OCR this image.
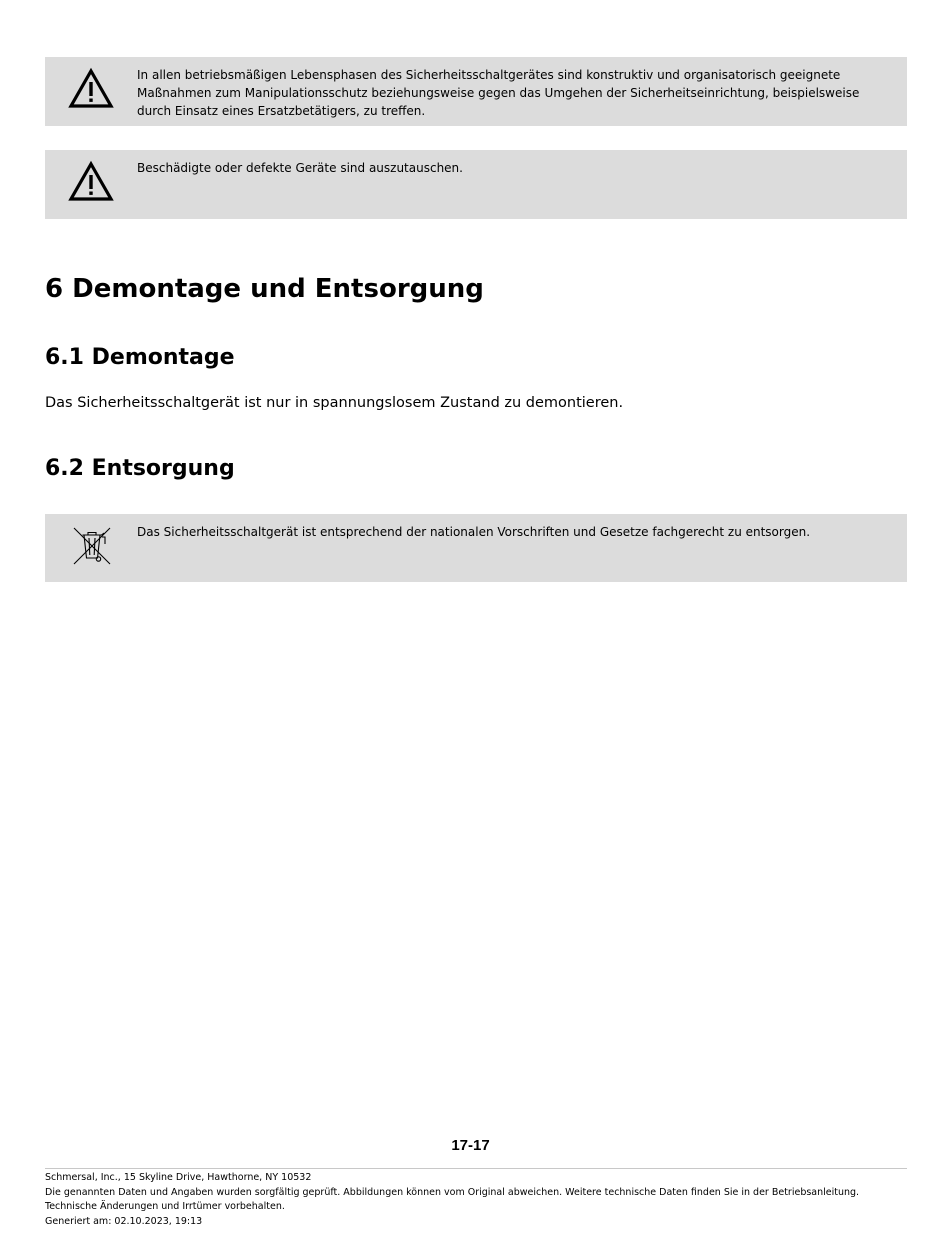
In allen betriebsmäßigen Lebensphasen des Sicherheitsschaltgerätes sind konstruktiv und organisatorisch geeignete Maßnahmen zum Manipulationsschutz beziehungsweise gegen das Umgehen der Sicherheitseinrichtung, beispielsweise durch Einsatz eines Ersatzbetätigers, zu treffen.
Beschädigte oder defekte Geräte sind auszutauschen.
6 Demontage und Entsorgung
6.1 Demontage

Das Sicherheitsschaltgerät ist nur in spannungslosem Zustand zu demontieren.

6.2 Entsorgung
Das Sicherheitsschaltgerät ist entsprechend der nationalen Vorschriften und Gesetze fachgerecht zu entsorgen.
17-17
Schmersal, Inc., 15 Skyline Drive, Hawthorne, NY 10532
Die genannten Daten und Angaben wurden sorgfältig geprüft. Abbildungen können vom Original abweichen. Weitere technische Daten finden Sie in der Betriebsanleitung.
Technische Änderungen und Irrtümer vorbehalten.
Generiert am: 02.10.2023, 19:13
